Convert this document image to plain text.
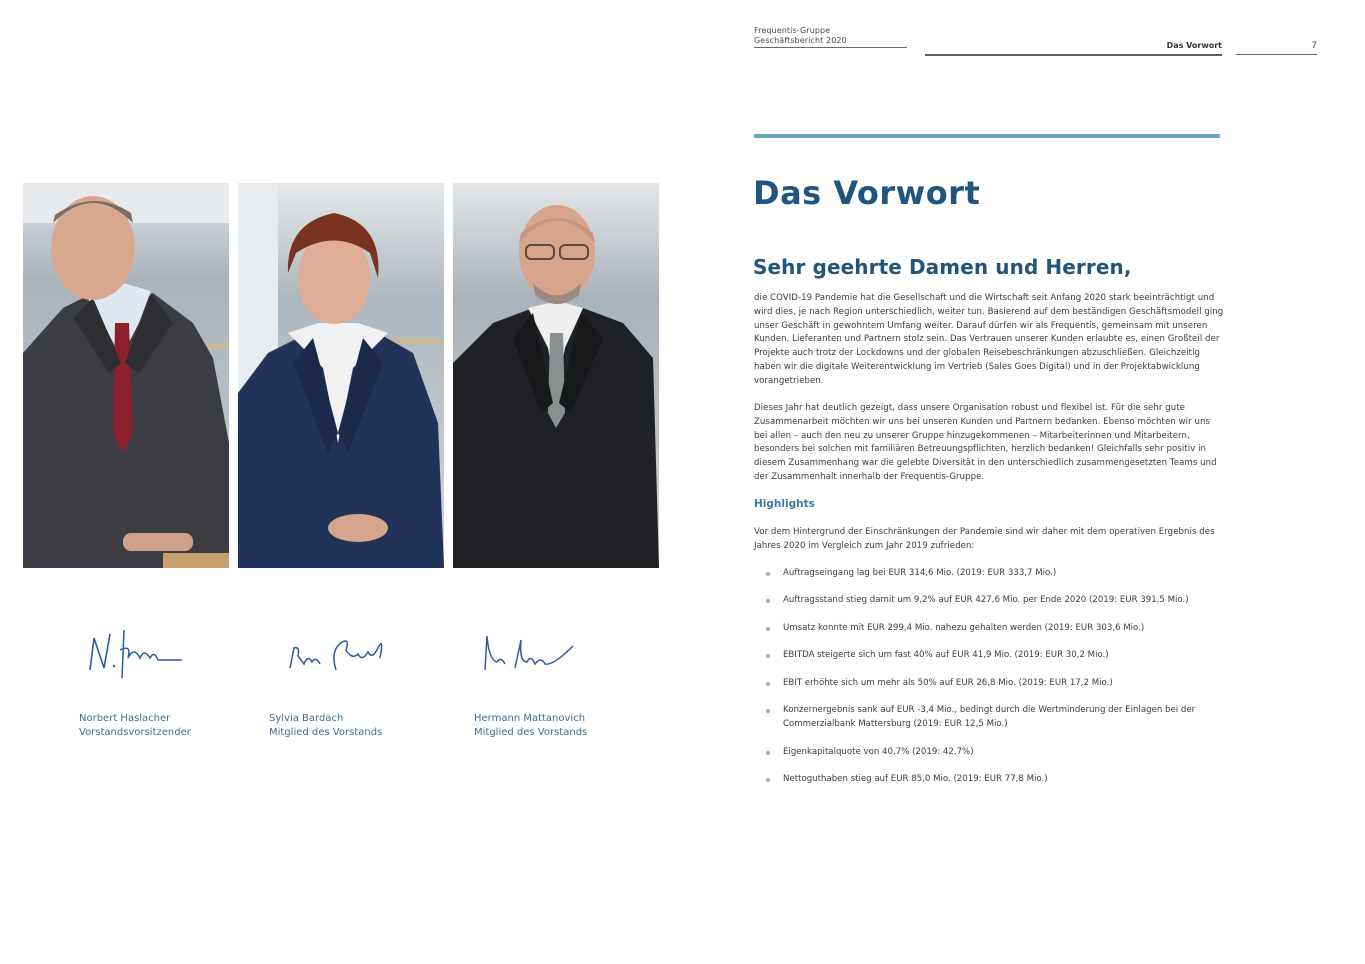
Frequentis-Gruppe
Geschäftsbericht 2020
Das Vorwort	7
Das Vorwort
Sehr geehrte Damen und Herren,

die COVID-19 Pandemie hat die Gesellschaft und die Wirtschaft seit Anfang 2020 stark beeinträchtigt und wird dies, je nach Region unterschiedlich, weiter tun. Basierend auf dem beständigen Geschäftsmodell ging unser Geschäft in gewohntem Umfang weiter. Darauf dürfen wir als Frequentis, gemeinsam mit unseren Kunden, Lieferanten und Partnern stolz sein. Das Vertrauen unserer Kunden erlaubte es, einen Großteil der Projekte auch trotz der Lockdowns und der globalen Reisebeschränkungen abzuschließen. Gleichzeitig haben wir die digitale Weiterentwicklung im Vertrieb (Sales Goes Digital) und in der Projektabwicklung vorangetrieben.

Dieses Jahr hat deutlich gezeigt, dass unsere Organisation robust und flexibel ist. Für die sehr gute Zusammenarbeit möchten wir uns bei unseren Kunden und Partnern bedanken. Ebenso möchten wir uns bei allen – auch den neu zu unserer Gruppe hinzugekommenen – Mitarbeiterinnen und Mitarbeitern, besonders bei solchen mit familiären Betreuungspflichten, herzlich bedanken! Gleichfalls sehr positiv in diesem Zusammenhang war die gelebte Diversität in den unterschiedlich zusammengesetzten Teams und der Zusammenhalt innerhalb der Frequentis-Gruppe.

Highlights

Vor dem Hintergrund der Einschränkungen der Pandemie sind wir daher mit dem operativen Ergebnis des Jahres 2020 im Vergleich zum Jahr 2019 zufrieden:

Auftragseingang lag bei EUR 314,6 Mio. (2019: EUR 333,7 Mio.)
Auftragsstand stieg damit um 9,2% auf EUR 427,6 Mio. per Ende 2020 (2019: EUR 391,5 Mio.)
Umsatz konnte mit EUR 299,4 Mio. nahezu gehalten werden (2019: EUR 303,6 Mio.)
EBITDA steigerte sich um fast 40% auf EUR 41,9 Mio. (2019: EUR 30,2 Mio.)
EBIT erhöhte sich um mehr als 50% auf EUR 26,8 Mio. (2019: EUR 17,2 Mio.)
Konzernergebnis sank auf EUR -3,4 Mio., bedingt durch die Wertminderung der Einlagen bei der Commerzialbank Mattersburg (2019: EUR 12,5 Mio.)
Eigenkapitalquote von 40,7% (2019: 42,7%)
Nettoguthaben stieg auf EUR 85,0 Mio. (2019: EUR 77,8 Mio.)
Norbert Haslacher
Vorstandsvorsitzender
Sylvia Bardach
Mitglied des Vorstands
Hermann Mattanovich
Mitglied des Vorstands
